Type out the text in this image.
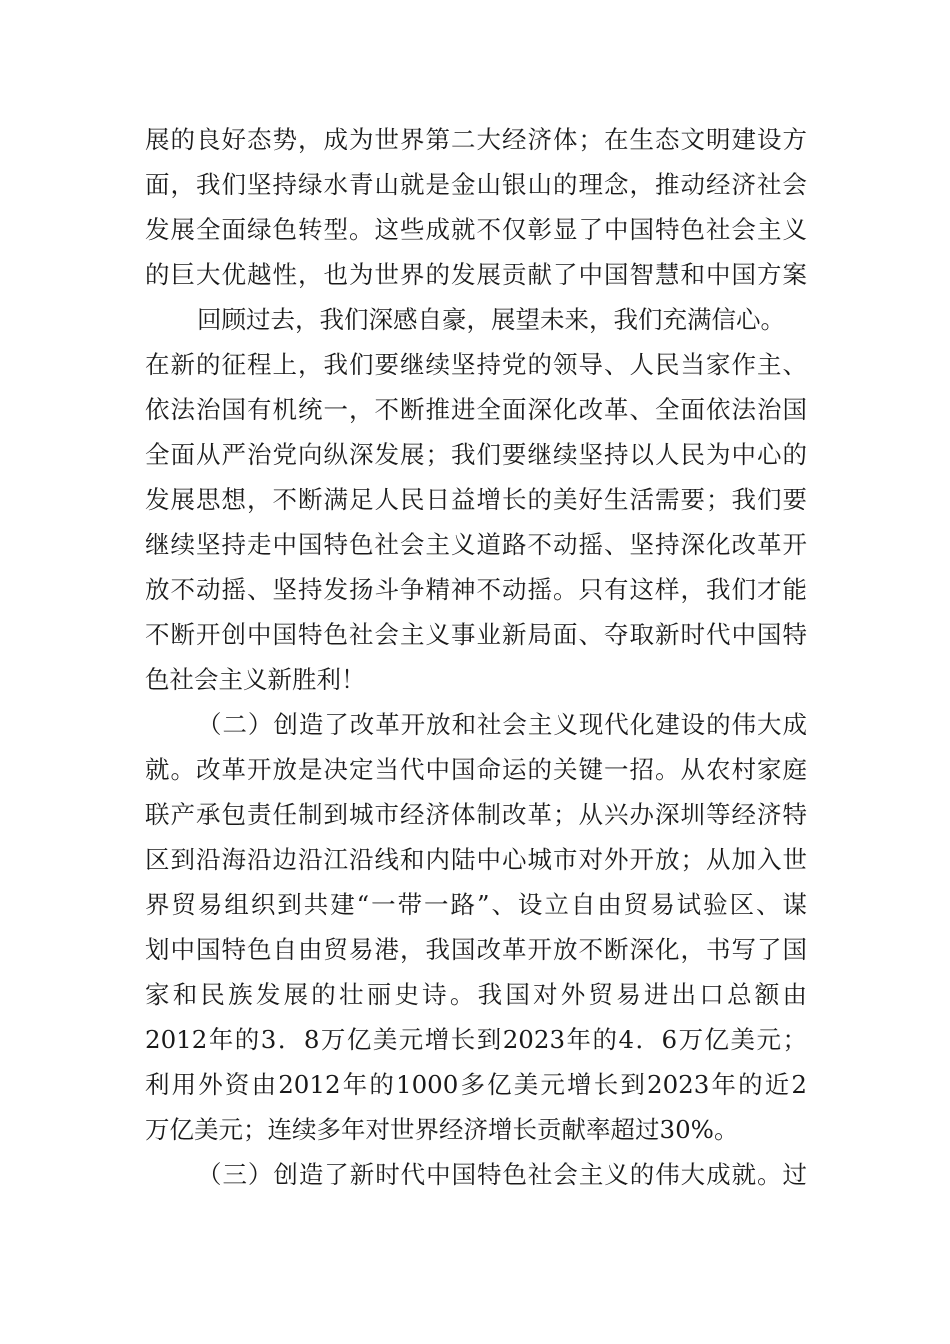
展的良好态势，成为世界第二大经济体；在生态文明建设方
面，我们坚持绿水青山就是金山银山的理念，推动经济社会
发展全面绿色转型。这些成就不仅彰显了中国特色社会主义
的巨大优越性，也为世界的发展贡献了中国智慧和中国方案
回顾过去，我们深感自豪，展望未来，我们充满信心。
在新的征程上，我们要继续坚持党的领导、人民当家作主、
依法治国有机统一，不断推进全面深化改革、全面依法治国
全面从严治党向纵深发展；我们要继续坚持以人民为中心的
发展思想，不断满足人民日益增长的美好生活需要；我们要
继续坚持走中国特色社会主义道路不动摇、坚持深化改革开
放不动摇、坚持发扬斗争精神不动摇。只有这样，我们才能
不断开创中国特色社会主义事业新局面、夺取新时代中国特
色社会主义新胜利！
（二）创造了改革开放和社会主义现代化建设的伟大成
就。改革开放是决定当代中国命运的关键一招。从农村家庭
联产承包责任制到城市经济体制改革；从兴办深圳等经济特
区到沿海沿边沿江沿线和内陆中心城市对外开放；从加入世
界贸易组织到共建“一带一路”、设立自由贸易试验区、谋
划中国特色自由贸易港，我国改革开放不断深化，书写了国
家和民族发展的壮丽史诗。我国对外贸易进出口总额由
2012年的3．8万亿美元增长到2023年的4．6万亿美元；
利用外资由2012年的1000多亿美元增长到2023年的近2
万亿美元；连续多年对世界经济增长贡献率超过30%。
（三）创造了新时代中国特色社会主义的伟大成就。过
